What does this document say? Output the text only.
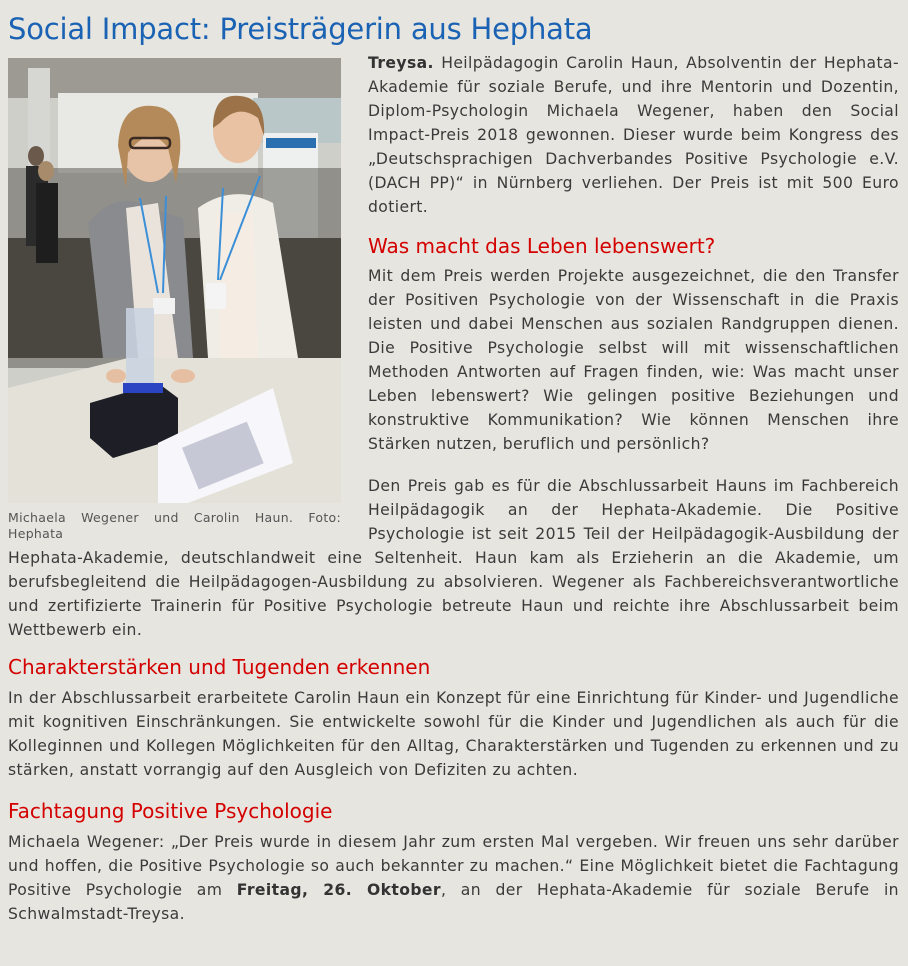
Social Impact: Preisträgerin aus Hephata
Michaela Wegener und Carolin Haun. Foto: Hephata

Treysa. Heilpädagogin Carolin Haun, Absolventin der Hephata-Akademie für soziale Berufe, und ihre Mentorin und Dozentin, Diplom-Psychologin Michaela Wegener, haben den Social Impact-Preis 2018 gewonnen. Dieser wurde beim Kongress des „Deutschsprachigen Dachverbandes Positive Psychologie e.V. (DACH PP)“ in Nürnberg verliehen. Der Preis ist mit 500 Euro dotiert.

Was macht das Leben lebenswert?

Mit dem Preis werden Projekte ausgezeichnet, die den Transfer der Positiven Psychologie von der Wissenschaft in die Praxis leisten und dabei Menschen aus sozialen Randgruppen dienen. Die Positive Psychologie selbst will mit wissenschaftlichen Methoden Antworten auf Fragen finden, wie: Was macht unser Leben lebenswert? Wie gelingen positive Beziehungen und konstruktive Kommunikation? Wie können Menschen ihre Stärken nutzen, beruflich und persönlich?

Den Preis gab es für die Abschlussarbeit Hauns im Fachbereich Heilpädagogik an der Hephata-Akademie. Die Positive Psychologie ist seit 2015 Teil der Heilpädagogik-Ausbildung der Hephata-Akademie, deutschlandweit eine Seltenheit. Haun kam als Erzieherin an die Akademie, um berufsbegleitend die Heilpädagogen-Ausbildung zu absolvieren. Wegener als Fachbereichsverantwortliche und zertifizierte Trainerin für Positive Psychologie betreute Haun und reichte ihre Abschlussarbeit beim Wettbewerb ein.

Charakterstärken und Tugenden erkennen

In der Abschlussarbeit erarbeitete Carolin Haun ein Konzept für eine Einrichtung für Kinder- und Jugendliche mit kognitiven Einschränkungen. Sie entwickelte sowohl für die Kinder und Jugendlichen als auch für die Kolleginnen und Kollegen Möglichkeiten für den Alltag, Charakterstärken und Tugenden zu erkennen und zu stärken, anstatt vorrangig auf den Ausgleich von Defiziten zu achten.

Fachtagung Positive Psychologie

Michaela Wegener: „Der Preis wurde in diesem Jahr zum ersten Mal vergeben. Wir freuen uns sehr darüber und hoffen, die Positive Psychologie so auch bekannter zu machen.“ Eine Möglichkeit bietet die Fachtagung Positive Psychologie am Freitag, 26. Oktober, an der Hephata-Akademie für soziale Berufe in Schwalmstadt-Treysa.
